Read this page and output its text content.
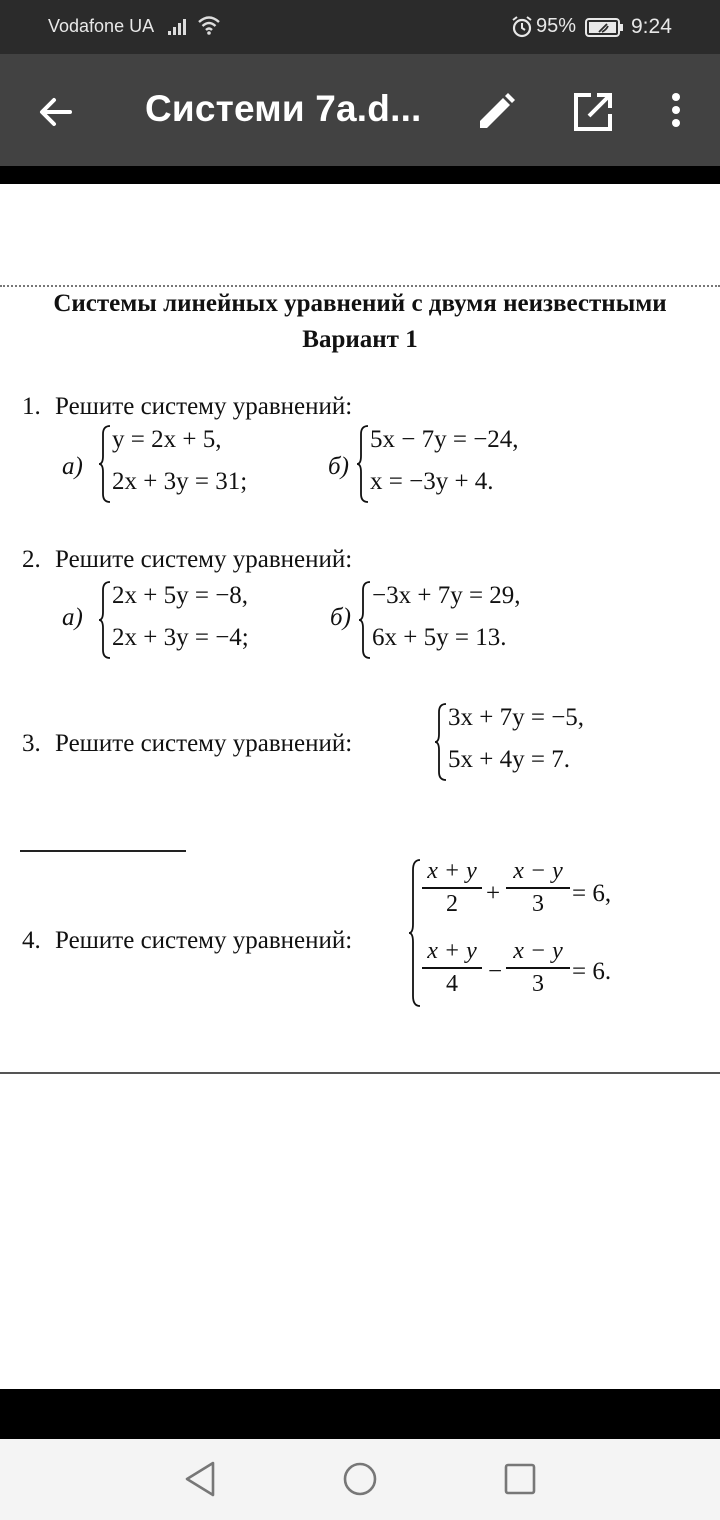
Vodafone UA	95%	9:24
Системи 7а.d...
Системы линейных уравнений с двумя неизвестными
Вариант 1
1. Решите систему уравнений:
а)
y = 2x + 5,
2x + 3y = 31;
б)
5x − 7y = −24,
x = −3y + 4.
2. Решите систему уравнений:
а)
2x + 5y = −8,
2x + 3y = −4;
б)
−3x + 7y = 29,
6x + 5y = 13.
3. Решите систему уравнений:
3x + 7y = −5,
5x + 4y = 7.
4. Решите систему уравнений:
x + y
2	+
x − y
3	= 6,
x + y
4	−
x − y
3	= 6.
